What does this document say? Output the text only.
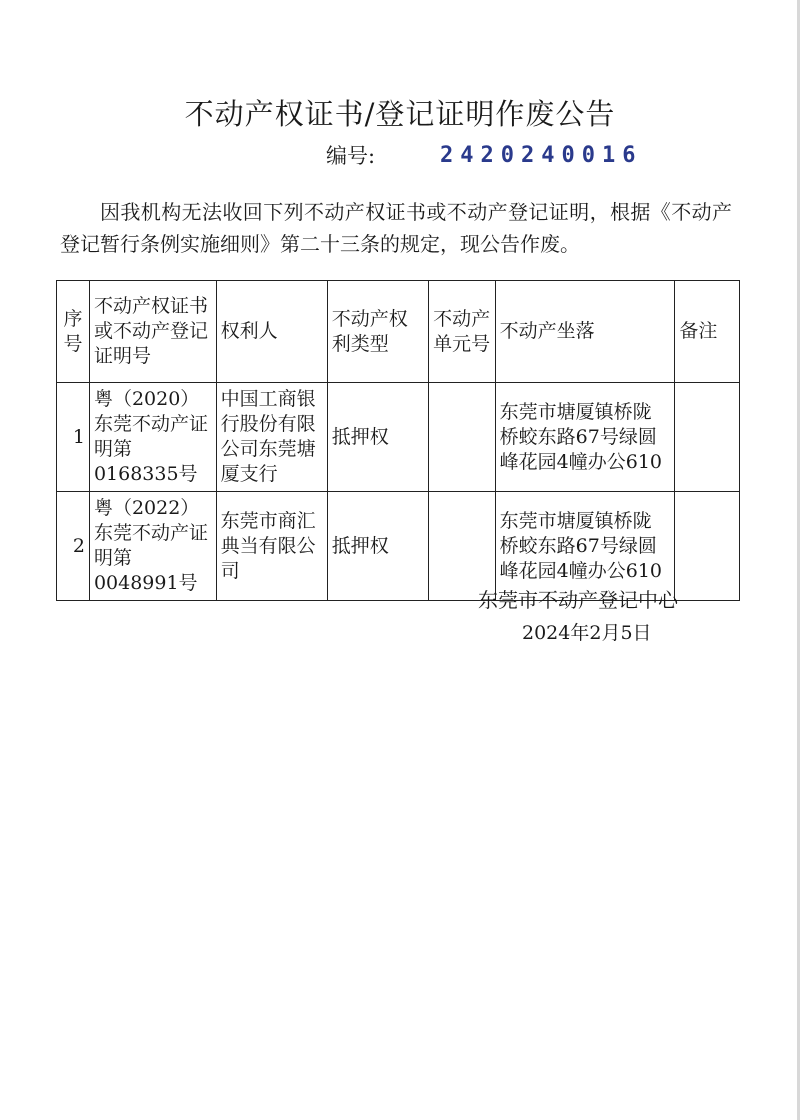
不动产权证书/登记证明作废公告
编号:	2420240016
因我机构无法收回下列不动产权证书或不动产登记证明，根据《不动产登记暂行条例实施细则》第二十三条的规定，现公告作废。
序号	不动产权证书或不动产登记证明号	权利人	不动产权利类型	不动产单元号	不动产坐落	备注
1	粤（2020）东莞不动产证明第0168335号	中国工商银行股份有限公司东莞塘厦支行	抵押权		东莞市塘厦镇桥陇桥蛟东路67号绿圆峰花园4幢办公610	
2	粤（2022）东莞不动产证明第0048991号	东莞市商汇典当有限公司	抵押权		东莞市塘厦镇桥陇桥蛟东路67号绿圆峰花园4幢办公610	
东莞市不动产登记中心
2024年2月5日
